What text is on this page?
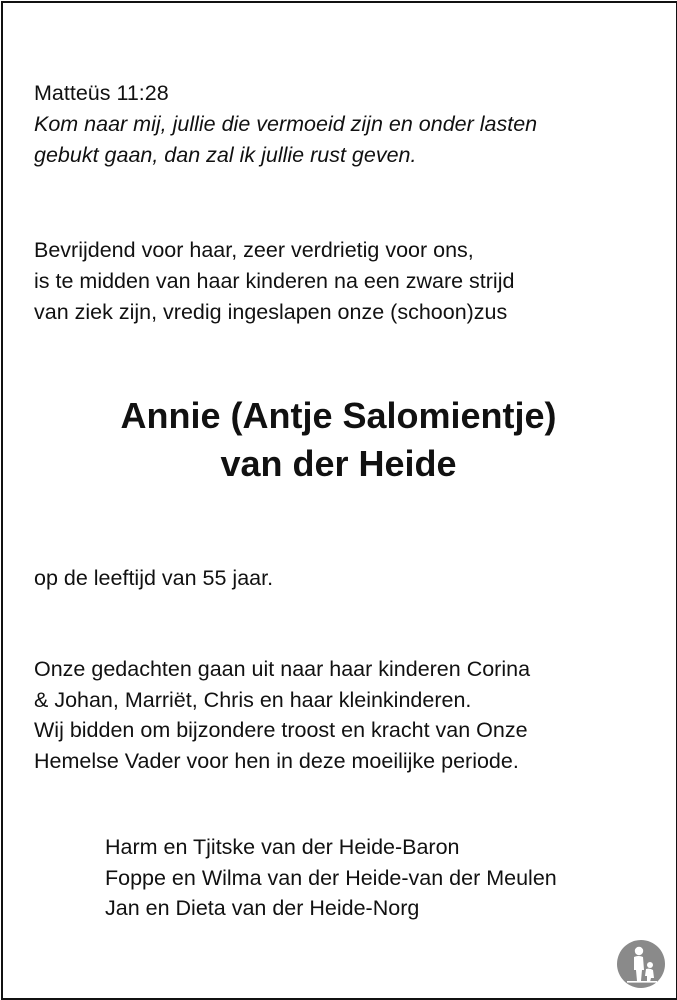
Matteüs 11:28
Kom naar mij, jullie die vermoeid zijn en onder lasten
gebukt gaan, dan zal ik jullie rust geven.
Bevrijdend voor haar, zeer verdrietig voor ons,
is te midden van haar kinderen na een zware strijd
van ziek zijn, vredig ingeslapen onze (schoon)zus
Annie (Antje Salomientje)
van der Heide
op de leeftijd van 55 jaar.
Onze gedachten gaan uit naar haar kinderen Corina
& Johan, Marriët, Chris en haar kleinkinderen.
Wij bidden om bijzondere troost en kracht van Onze
Hemelse Vader voor hen in deze moeilijke periode.
Harm en Tjitske van der Heide-Baron
Foppe en Wilma van der Heide-van der Meulen
Jan en Dieta van der Heide-Norg
